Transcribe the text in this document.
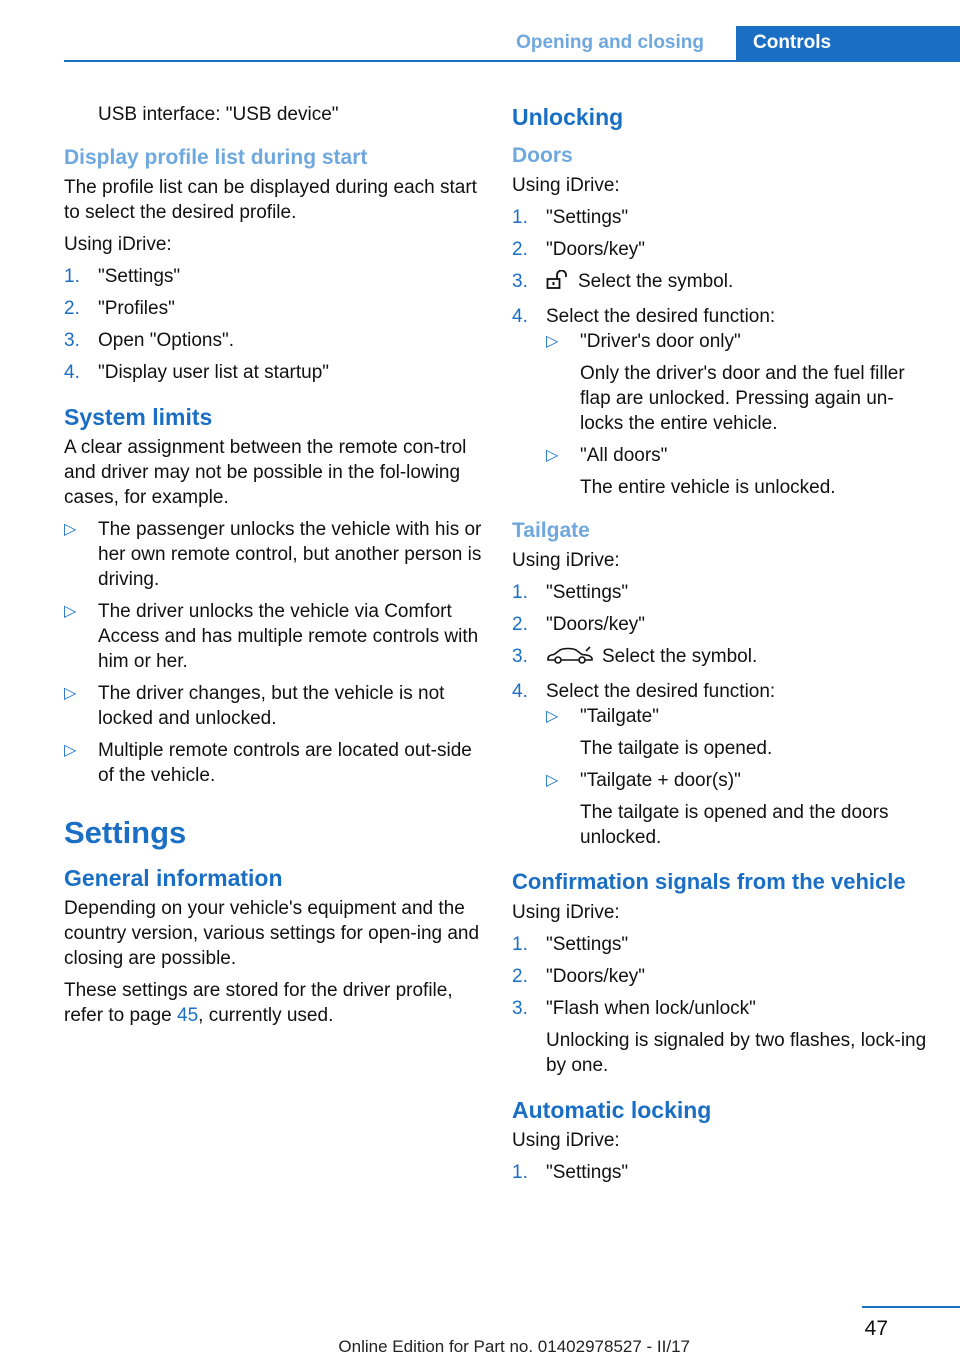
Opening and closing	Controls

USB interface: "USB device"

Display profile list during start

The profile list can be displayed during each start to select the desired profile.

Using iDrive:

1. "Settings"
2. "Profiles"
3. Open "Options".
4. "Display user list at startup"
System limits

A clear assignment between the remote con‐trol and driver may not be possible in the fol‐lowing cases, for example.

▷ The passenger unlocks the vehicle with his or her own remote control, but another person is driving.
▷ The driver unlocks the vehicle via Comfort Access and has multiple remote controls with him or her.
▷ The driver changes, but the vehicle is not locked and unlocked.
▷ Multiple remote controls are located out‐side of the vehicle.
Settings
General information

Depending on your vehicle's equipment and the country version, various settings for open‐ing and closing are possible.

These settings are stored for the driver profile, refer to page 45, currently used.

Unlocking
Doors

Using iDrive:

1. "Settings"
2. "Doors/key"
3.	Select the symbol.
4. Select the desired function:
▷ "Driver's door only"
Only the driver's door and the fuel filler flap are unlocked. Pressing again un‐locks the entire vehicle.
▷ "All doors"
The entire vehicle is unlocked.
Tailgate

Using iDrive:

1. "Settings"
2. "Doors/key"
3.	Select the symbol.
4. Select the desired function:
▷ "Tailgate"
The tailgate is opened.
▷ "Tailgate + door(s)"
The tailgate is opened and the doors unlocked.
Confirmation signals from the vehicle

Using iDrive:

1. "Settings"
2. "Doors/key"
3. "Flash when lock/unlock"
Unlocking is signaled by two flashes, lock‐ing by one.
Automatic locking

Using iDrive:

1. "Settings"
47
Online Edition for Part no. 01402978527 - II/17
